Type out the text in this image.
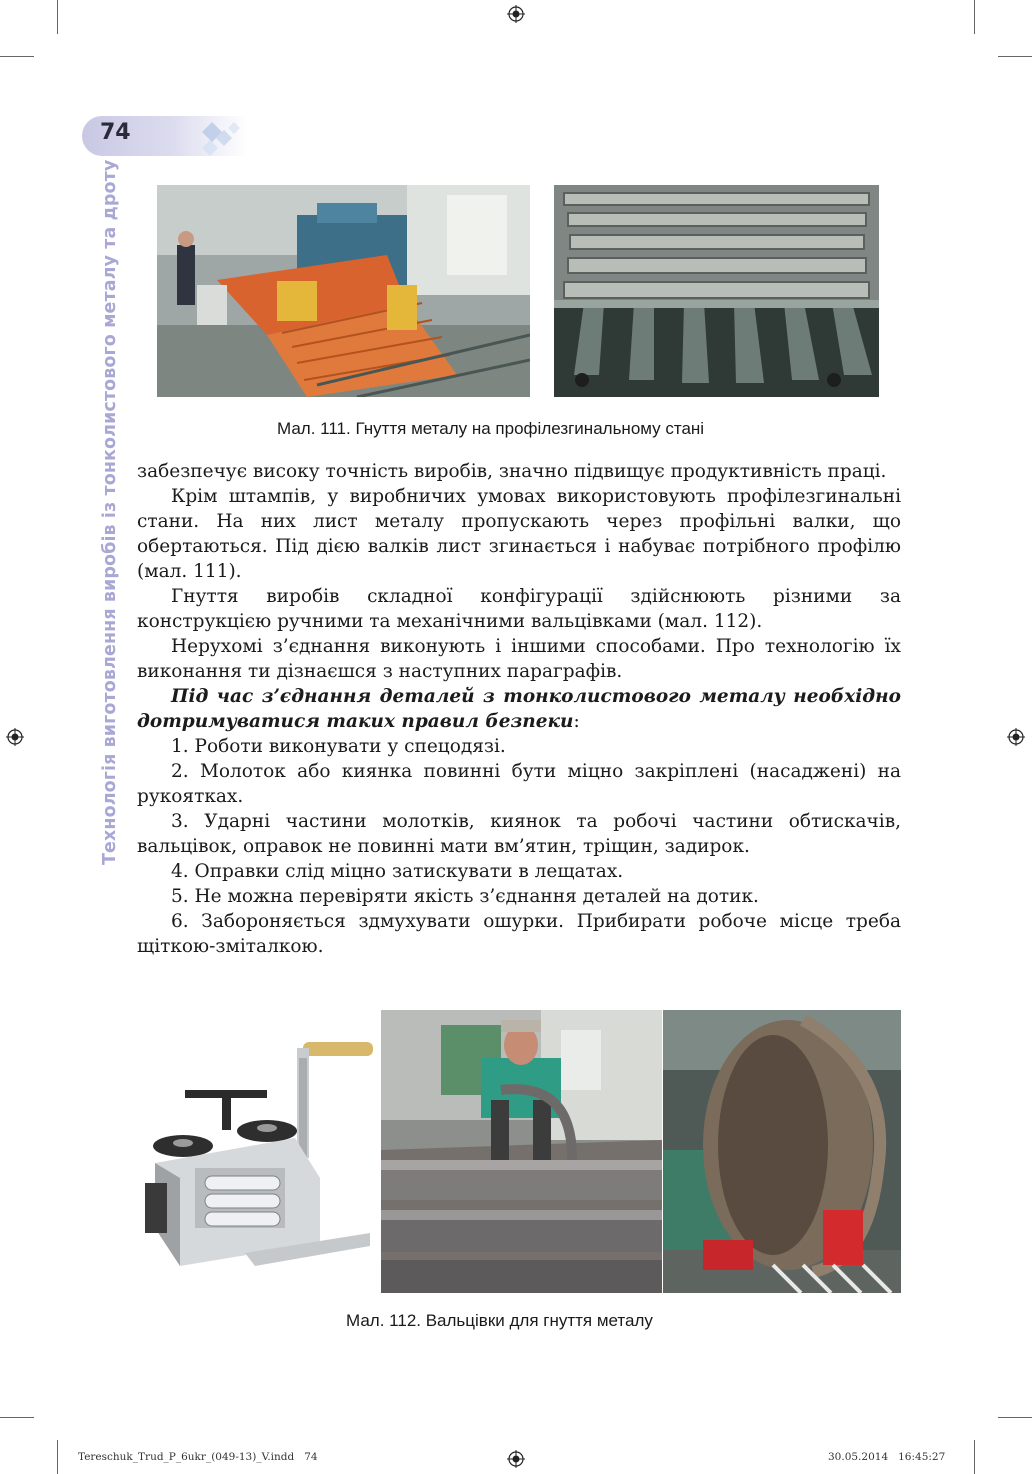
74
Технологія виготовлення виробів із тонколистового металу та дроту	Мал. 111. Гнуття металу на профілезгинальному стані

забезпечує високу точність виробів, значно підвищує продуктивність праці.

Крім штампів, у виробничих умовах використовують профілезгинальні стани. На них лист металу пропускають через профільні валки, що обертаються. Під дією валків лист згинається і набуває потрібного профілю (мал. 111).

Гнуття виробів складної конфігурації здійснюють різними за конструкцією ручними та механічними вальцівками (мал. 112).

Нерухомі з’єднання виконують і іншими способами. Про технологію їх виконання ти дізнаєшся з наступних параграфів.

Під час з’єднання деталей з тонколистового металу необхідно дотримуватися таких правил безпеки:

1. Роботи виконувати у спецодязі.

2. Молоток або киянка повинні бути міцно закріплені (насаджені) на рукоятках.

3. Ударні частини молотків, киянок та робочі частини обтискачів, вальцівок, оправок не повинні мати вм’ятин, тріщин, задирок.

4. Оправки слід міцно затискувати в лещатах.

5. Не можна перевіряти якість з’єднання деталей на дотик.

6. Забороняється здмухувати ошурки. Прибирати робоче місце треба щіткою-зміталкою.

Мал. 112. Вальцівки для гнуття металу
Tereschuk_Trud_P_6ukr_(049-13)_V.indd   74	30.05.2014   16:45:27
